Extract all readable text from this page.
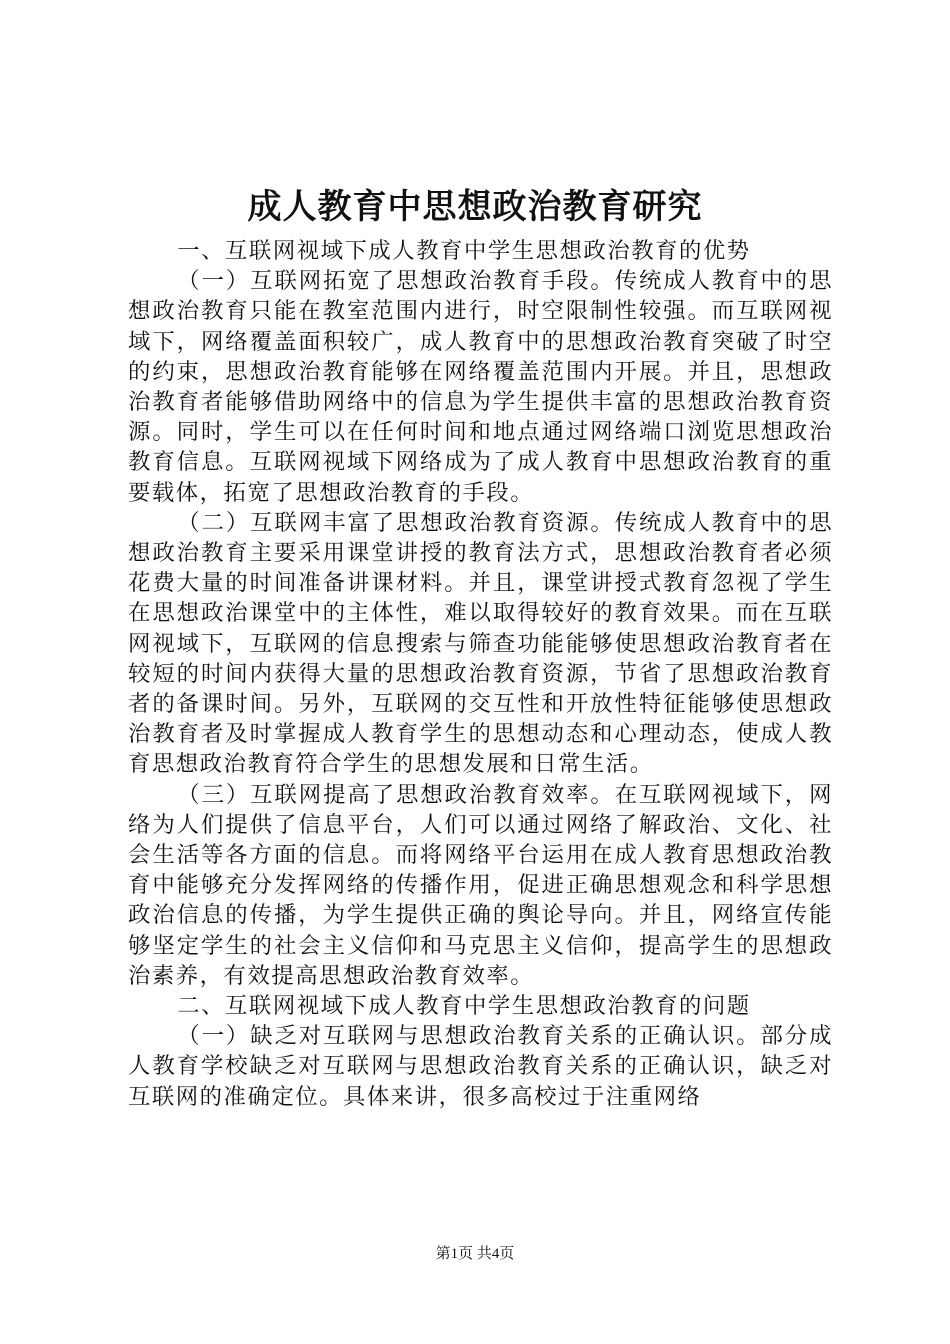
成人教育中思想政治教育研究

一、互联网视域下成人教育中学生思想政治教育的优势

（一）互联网拓宽了思想政治教育手段。传统成人教育中的思想政治教育只能在教室范围内进行，时空限制性较强。而互联网视域下，网络覆盖面积较广，成人教育中的思想政治教育突破了时空的约束，思想政治教育能够在网络覆盖范围内开展。并且，思想政治教育者能够借助网络中的信息为学生提供丰富的思想政治教育资源。同时，学生可以在任何时间和地点通过网络端口浏览思想政治教育信息。互联网视域下网络成为了成人教育中思想政治教育的重要载体，拓宽了思想政治教育的手段。

（二）互联网丰富了思想政治教育资源。传统成人教育中的思想政治教育主要采用课堂讲授的教育法方式，思想政治教育者必须花费大量的时间准备讲课材料。并且，课堂讲授式教育忽视了学生在思想政治课堂中的主体性，难以取得较好的教育效果。而在互联网视域下，互联网的信息搜索与筛查功能能够使思想政治教育者在较短的时间内获得大量的思想政治教育资源，节省了思想政治教育者的备课时间。另外，互联网的交互性和开放性特征能够使思想政治教育者及时掌握成人教育学生的思想动态和心理动态，使成人教育思想政治教育符合学生的思想发展和日常生活。

（三）互联网提高了思想政治教育效率。在互联网视域下，网络为人们提供了信息平台，人们可以通过网络了解政治、文化、社会生活等各方面的信息。而将网络平台运用在成人教育思想政治教育中能够充分发挥网络的传播作用，促进正确思想观念和科学思想政治信息的传播，为学生提供正确的舆论导向。并且，网络宣传能够坚定学生的社会主义信仰和马克思主义信仰，提高学生的思想政治素养，有效提高思想政治教育效率。

二、互联网视域下成人教育中学生思想政治教育的问题

（一）缺乏对互联网与思想政治教育关系的正确认识。部分成人教育学校缺乏对互联网与思想政治教育关系的正确认识，缺乏对互联网的准确定位。具体来讲，很多高校过于注重网络

第1页 共4页
